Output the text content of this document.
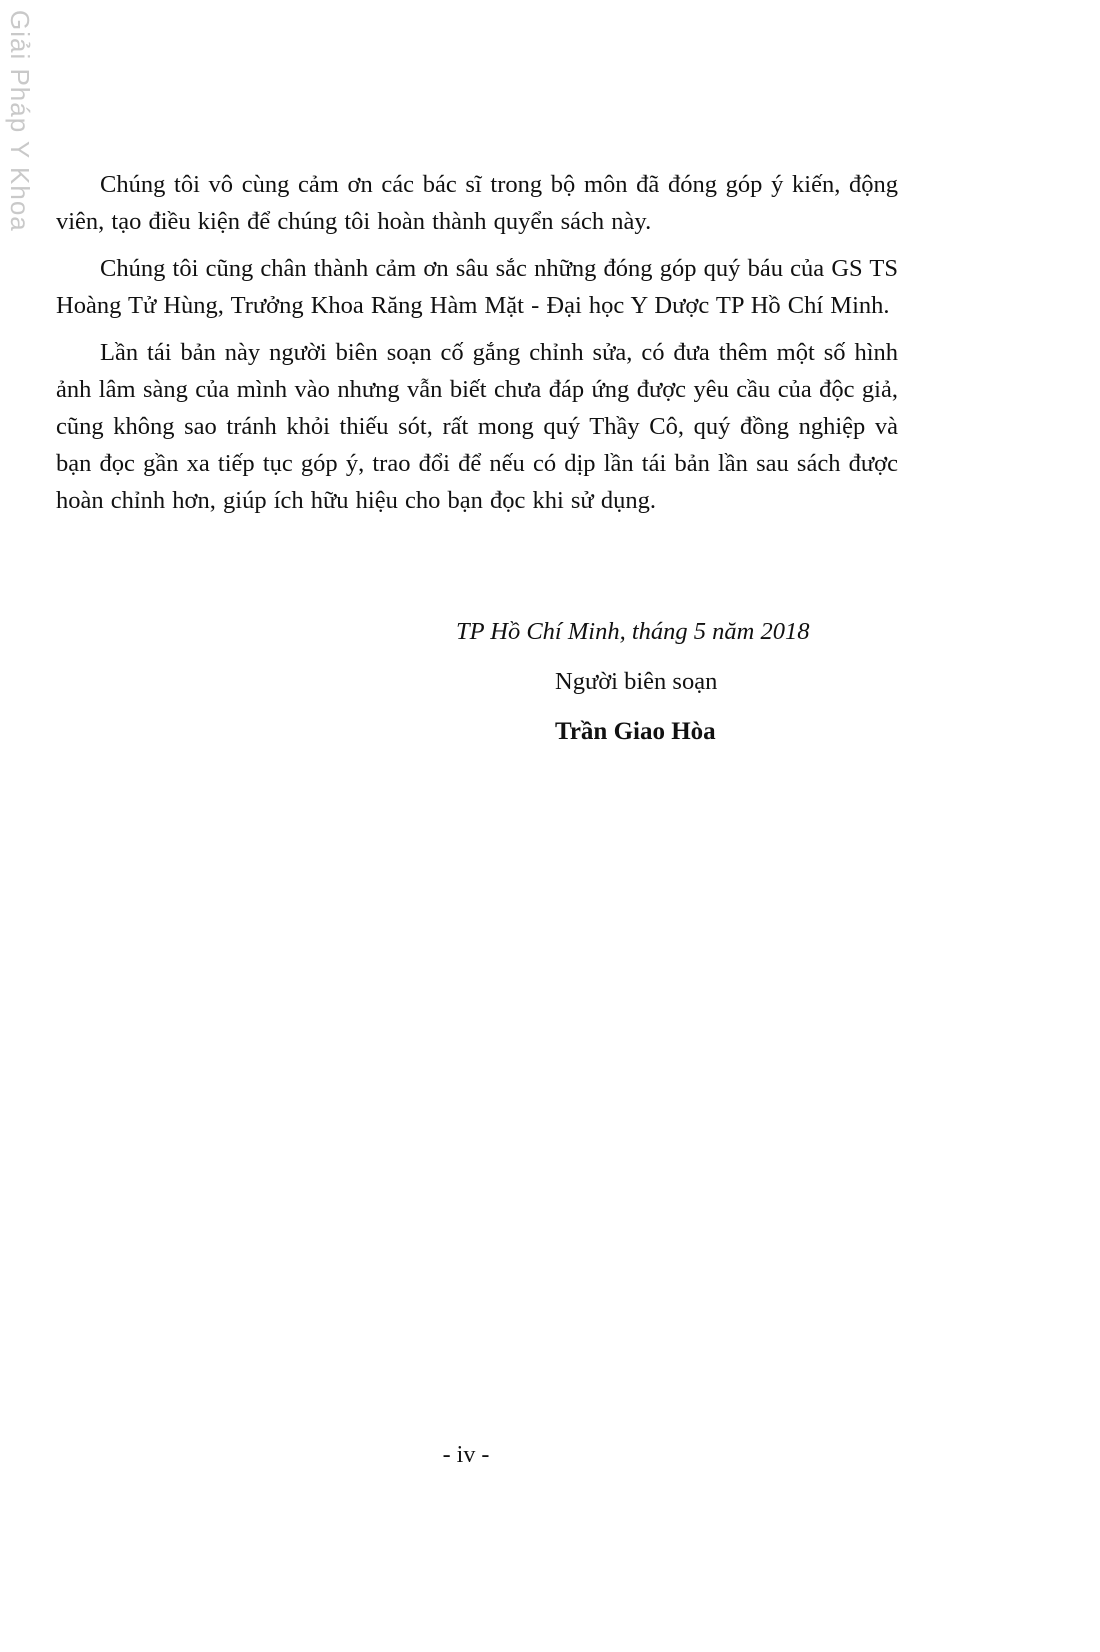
Giải Pháp Y Khoa	Chúng tôi vô cùng cảm ơn các bác sĩ trong bộ môn đã đóng góp ý kiến, động viên, tạo điều kiện để chúng tôi hoàn thành quyển sách này.

Chúng tôi cũng chân thành cảm ơn sâu sắc những đóng góp quý báu của GS TS Hoàng Tử Hùng, Trưởng Khoa Răng Hàm Mặt - Đại học Y Dược TP Hồ Chí Minh.

Lần tái bản này người biên soạn cố gắng chỉnh sửa, có đưa thêm một số hình ảnh lâm sàng của mình vào nhưng vẫn biết chưa đáp ứng được yêu cầu của độc giả, cũng không sao tránh khỏi thiếu sót, rất mong quý Thầy Cô, quý đồng nghiệp và bạn đọc gần xa tiếp tục góp ý, trao đổi để nếu có dịp lần tái bản lần sau sách được hoàn chỉnh hơn, giúp ích hữu hiệu cho bạn đọc khi sử dụng.

TP Hồ Chí Minh, tháng 5 năm 2018
Người biên soạn
Trần Giao Hòa
- iv -
